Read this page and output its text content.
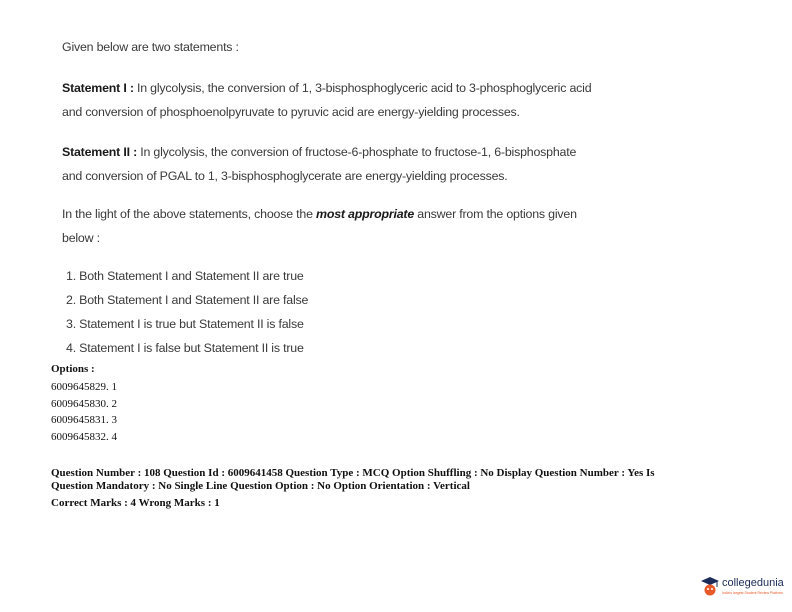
Given below are two statements :

Statement I : In glycolysis, the conversion of 1, 3-bisphosphoglyceric acid to 3-phosphoglyceric acid
and conversion of phosphoenolpyruvate to pyruvic acid are energy-yielding processes.
Statement II : In glycolysis, the conversion of fructose-6-phosphate to fructose-1, 6-bisphosphate
and conversion of PGAL to 1, 3-bisphosphoglycerate are energy-yielding processes.
In the light of the above statements, choose the most appropriate answer from the options given
below :
1. Both Statement I and Statement II are true
2. Both Statement I and Statement II are false
3. Statement I is true but Statement II is false
4. Statement I is false but Statement II is true
Options :
6009645829. 1
6009645830. 2
6009645831. 3
6009645832. 4
Question Number : 108 Question Id : 6009641458 Question Type : MCQ Option Shuffling : No Display Question Number : Yes Is
Question Mandatory : No Single Line Question Option : No Option Orientation : Vertical
Correct Marks : 4 Wrong Marks : 1
collegedunia
India's largest Student Review Platform
